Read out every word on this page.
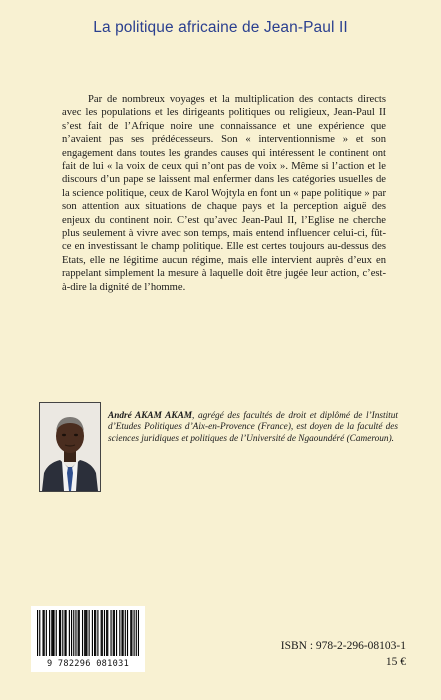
La politique africaine de Jean-Paul II

Par de nombreux voyages et la multiplication des contacts directs avec les populations et les dirigeants politiques ou religieux, Jean-Paul II s’est fait de l’Afrique noire une connaissance et une expérience que n’avaient pas ses prédécesseurs. Son « interventionnisme » et son engagement dans toutes les grandes causes qui intéressent le continent ont fait de lui « la voix de ceux qui n’ont pas de voix ». Même si l’action et le discours d’un pape se laissent mal enfermer dans les catégories usuelles de la science politique, ceux de Karol Wojtyla en font un « pape politique » par son attention aux situations de chaque pays et la perception aiguë des enjeux du continent noir. C’est qu’avec Jean-Paul II, l’Eglise ne cherche plus seulement à vivre avec son temps, mais entend influencer celui-ci, fût-ce en investissant le champ politique. Elle est certes toujours au-dessus des Etats, elle ne légitime aucun régime, mais elle intervient auprès d’eux en rappelant simplement la mesure à laquelle doit être jugée leur action, c’est-à-dire la dignité de l’homme.

André AKAM AKAM, agrégé des facultés de droit et diplômé de l’Institut d’Etudes Politiques d’Aix-en-Provence (France), est doyen de la faculté des sciences juridiques et politiques de l’Université de Ngaoundéré (Cameroun).

9 782296 081031
ISBN : 978-2-296-08103-1
15 €
